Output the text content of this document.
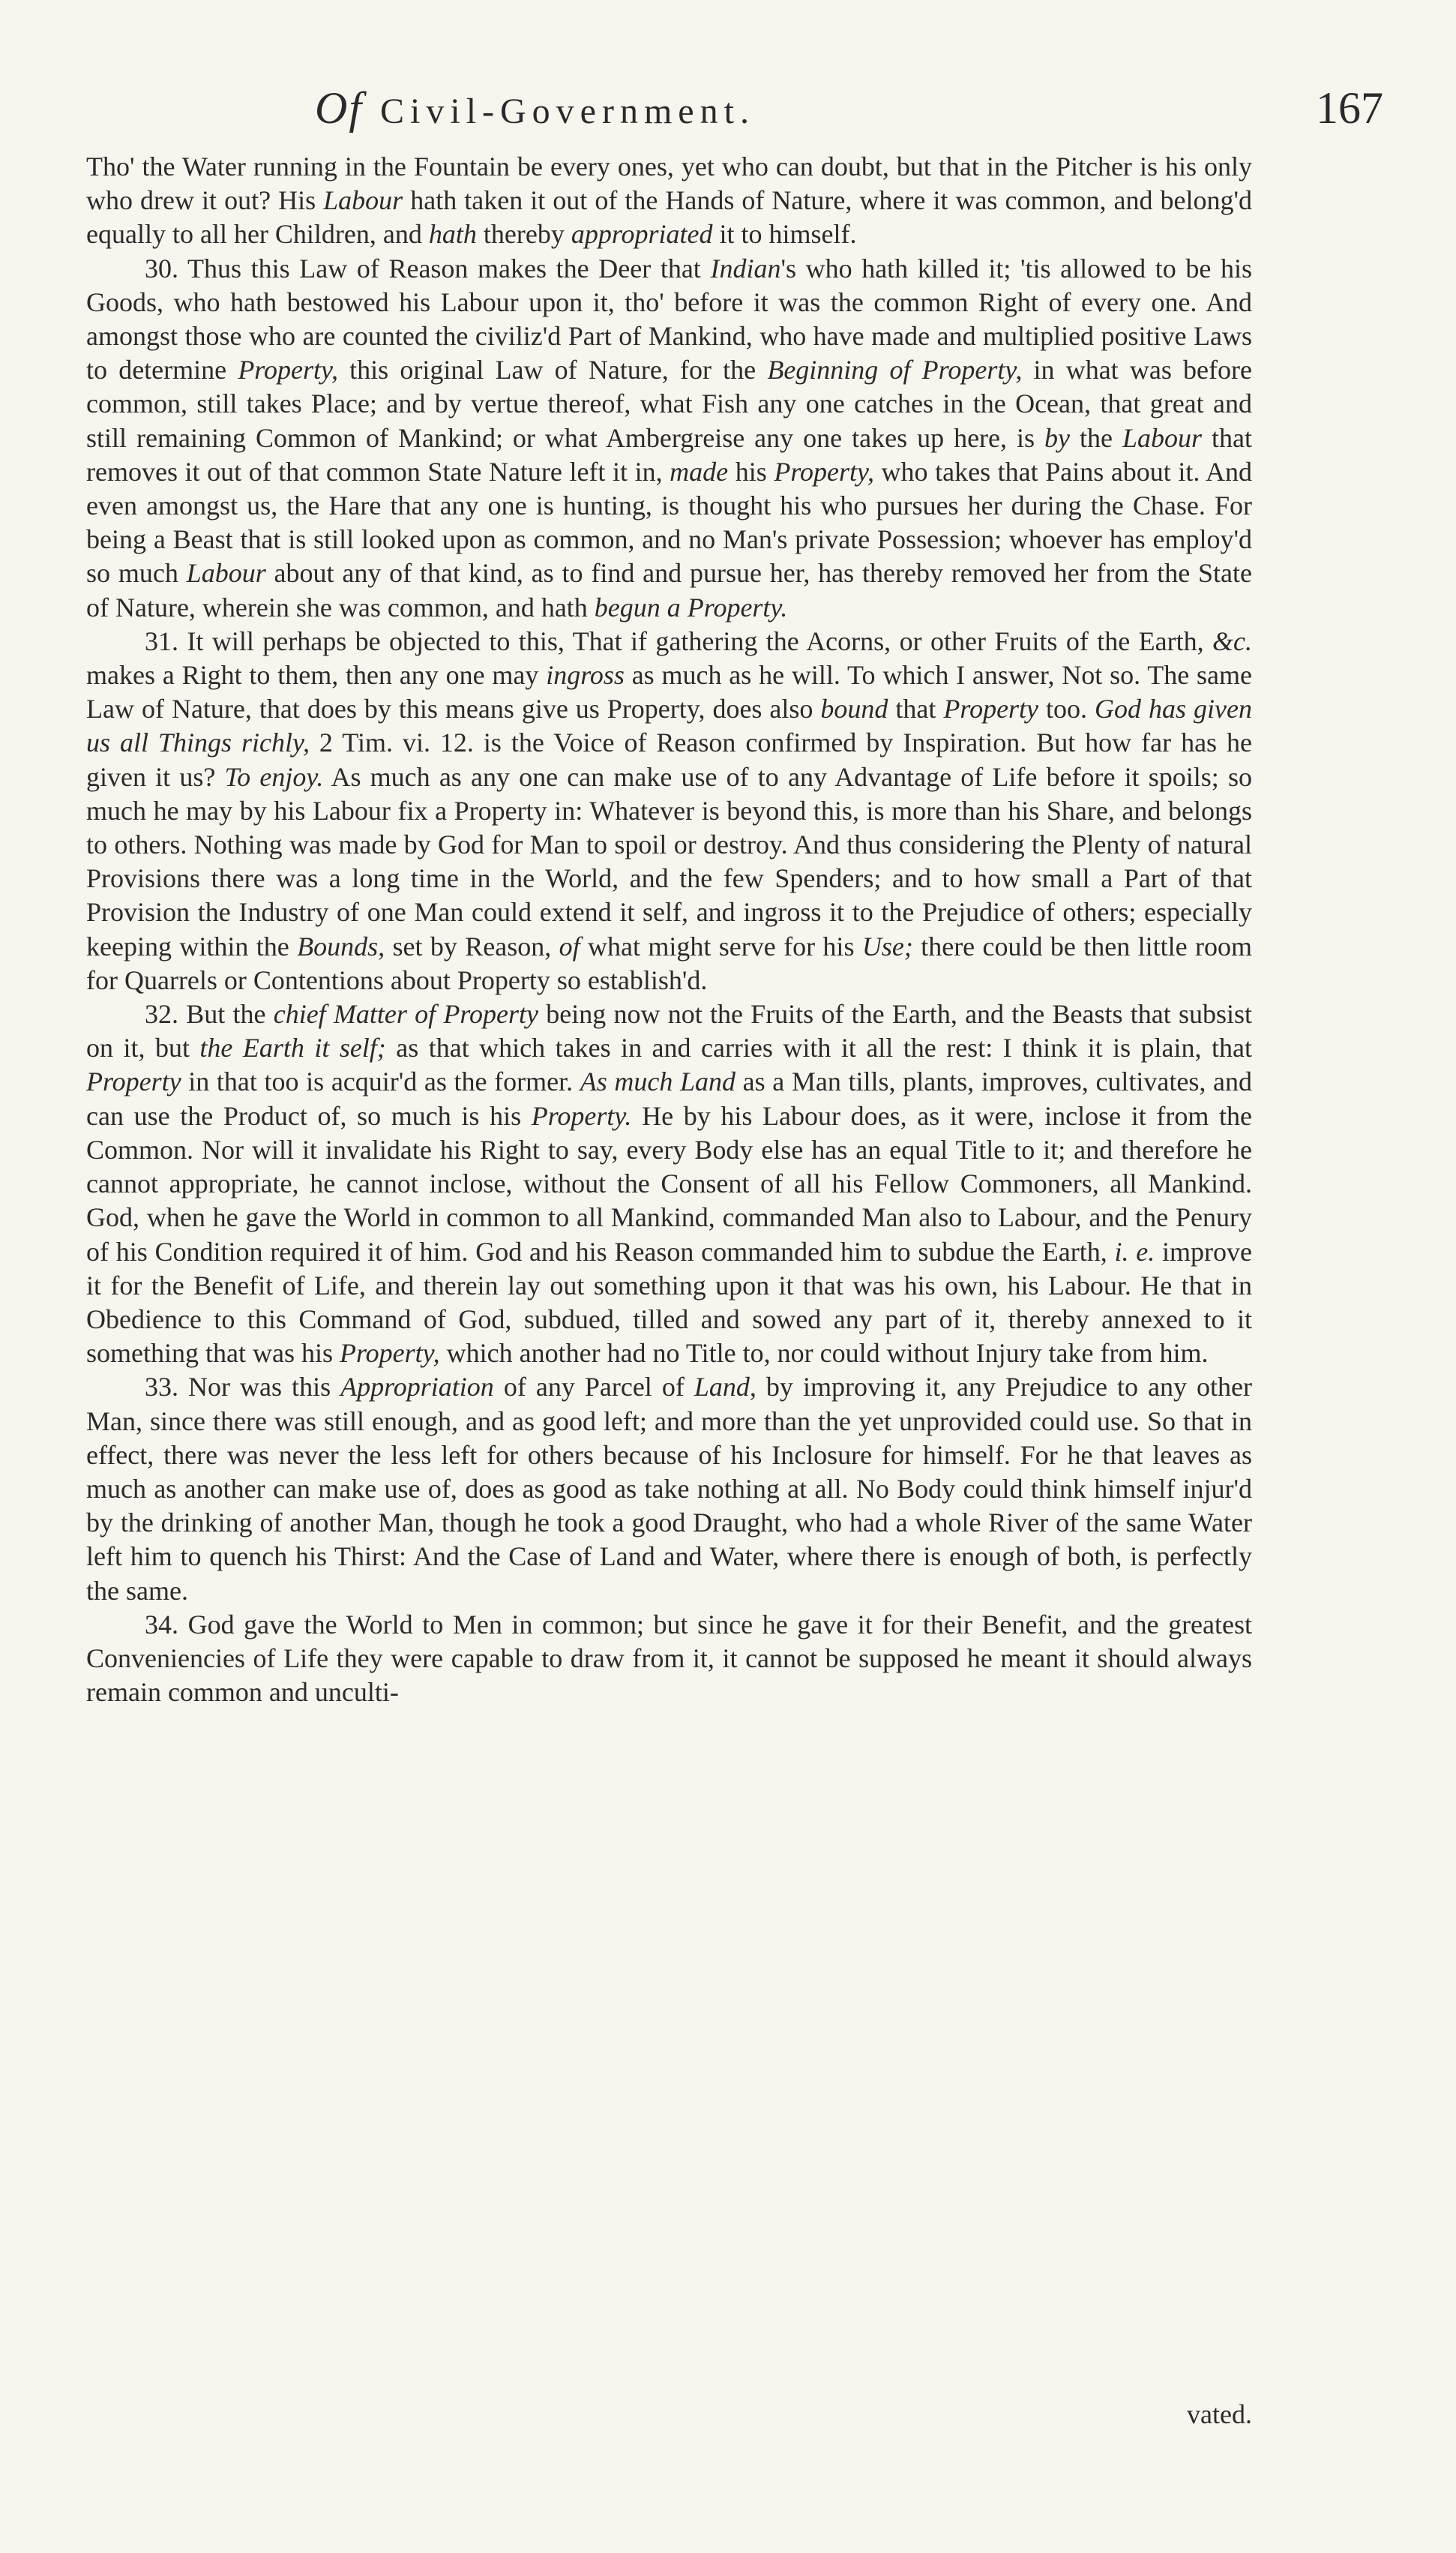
Of Civil-Government.	167

Tho' the Water running in the Fountain be every ones, yet who can doubt, but that in the Pitcher is his only who drew it out? His Labour hath taken it out of the Hands of Nature, where it was common, and belong'd equally to all her Children, and hath thereby appropriated it to himself.

30. Thus this Law of Reason makes the Deer that Indian's who hath killed it; 'tis allowed to be his Goods, who hath bestowed his Labour upon it, tho' before it was the common Right of every one. And amongst those who are counted the civiliz'd Part of Mankind, who have made and multiplied positive Laws to determine Property, this original Law of Nature, for the Beginning of Property, in what was before common, still takes Place; and by vertue thereof, what Fish any one catches in the Ocean, that great and still remaining Common of Mankind; or what Ambergreise any one takes up here, is by the Labour that removes it out of that common State Nature left it in, made his Property, who takes that Pains about it. And even amongst us, the Hare that any one is hunting, is thought his who pursues her during the Chase. For being a Beast that is still looked upon as common, and no Man's private Possession; whoever has employ'd so much Labour about any of that kind, as to find and pursue her, has thereby removed her from the State of Nature, wherein she was common, and hath begun a Property.

31. It will perhaps be objected to this, That if gathering the Acorns, or other Fruits of the Earth, &c. makes a Right to them, then any one may ingross as much as he will. To which I answer, Not so. The same Law of Nature, that does by this means give us Property, does also bound that Property too. God has given us all Things richly, 2 Tim. vi. 12. is the Voice of Reason confirmed by Inspiration. But how far has he given it us? To enjoy. As much as any one can make use of to any Advantage of Life before it spoils; so much he may by his Labour fix a Property in: Whatever is beyond this, is more than his Share, and belongs to others. Nothing was made by God for Man to spoil or destroy. And thus considering the Plenty of natural Provisions there was a long time in the World, and the few Spenders; and to how small a Part of that Provision the Industry of one Man could extend it self, and ingross it to the Prejudice of others; especially keeping within the Bounds, set by Reason, of what might serve for his Use; there could be then little room for Quarrels or Contentions about Property so establish'd.

32. But the chief Matter of Property being now not the Fruits of the Earth, and the Beasts that subsist on it, but the Earth it self; as that which takes in and carries with it all the rest: I think it is plain, that Property in that too is acquir'd as the former. As much Land as a Man tills, plants, improves, cultivates, and can use the Product of, so much is his Property. He by his Labour does, as it were, inclose it from the Common. Nor will it invalidate his Right to say, every Body else has an equal Title to it; and therefore he cannot appropriate, he cannot inclose, without the Consent of all his Fellow Commoners, all Mankind. God, when he gave the World in common to all Mankind, commanded Man also to Labour, and the Penury of his Condition required it of him. God and his Reason commanded him to subdue the Earth, i. e. improve it for the Benefit of Life, and therein lay out something upon it that was his own, his Labour. He that in Obedience to this Command of God, subdued, tilled and sowed any part of it, thereby annexed to it something that was his Property, which another had no Title to, nor could without Injury take from him.

33. Nor was this Appropriation of any Parcel of Land, by improving it, any Prejudice to any other Man, since there was still enough, and as good left; and more than the yet unprovided could use. So that in effect, there was never the less left for others because of his Inclosure for himself. For he that leaves as much as another can make use of, does as good as take nothing at all. No Body could think himself injur'd by the drinking of another Man, though he took a good Draught, who had a whole River of the same Water left him to quench his Thirst: And the Case of Land and Water, where there is enough of both, is perfectly the same.

34. God gave the World to Men in common; but since he gave it for their Benefit, and the greatest Conveniencies of Life they were capable to draw from it, it cannot be supposed he meant it should always remain common and unculti-

vated.
